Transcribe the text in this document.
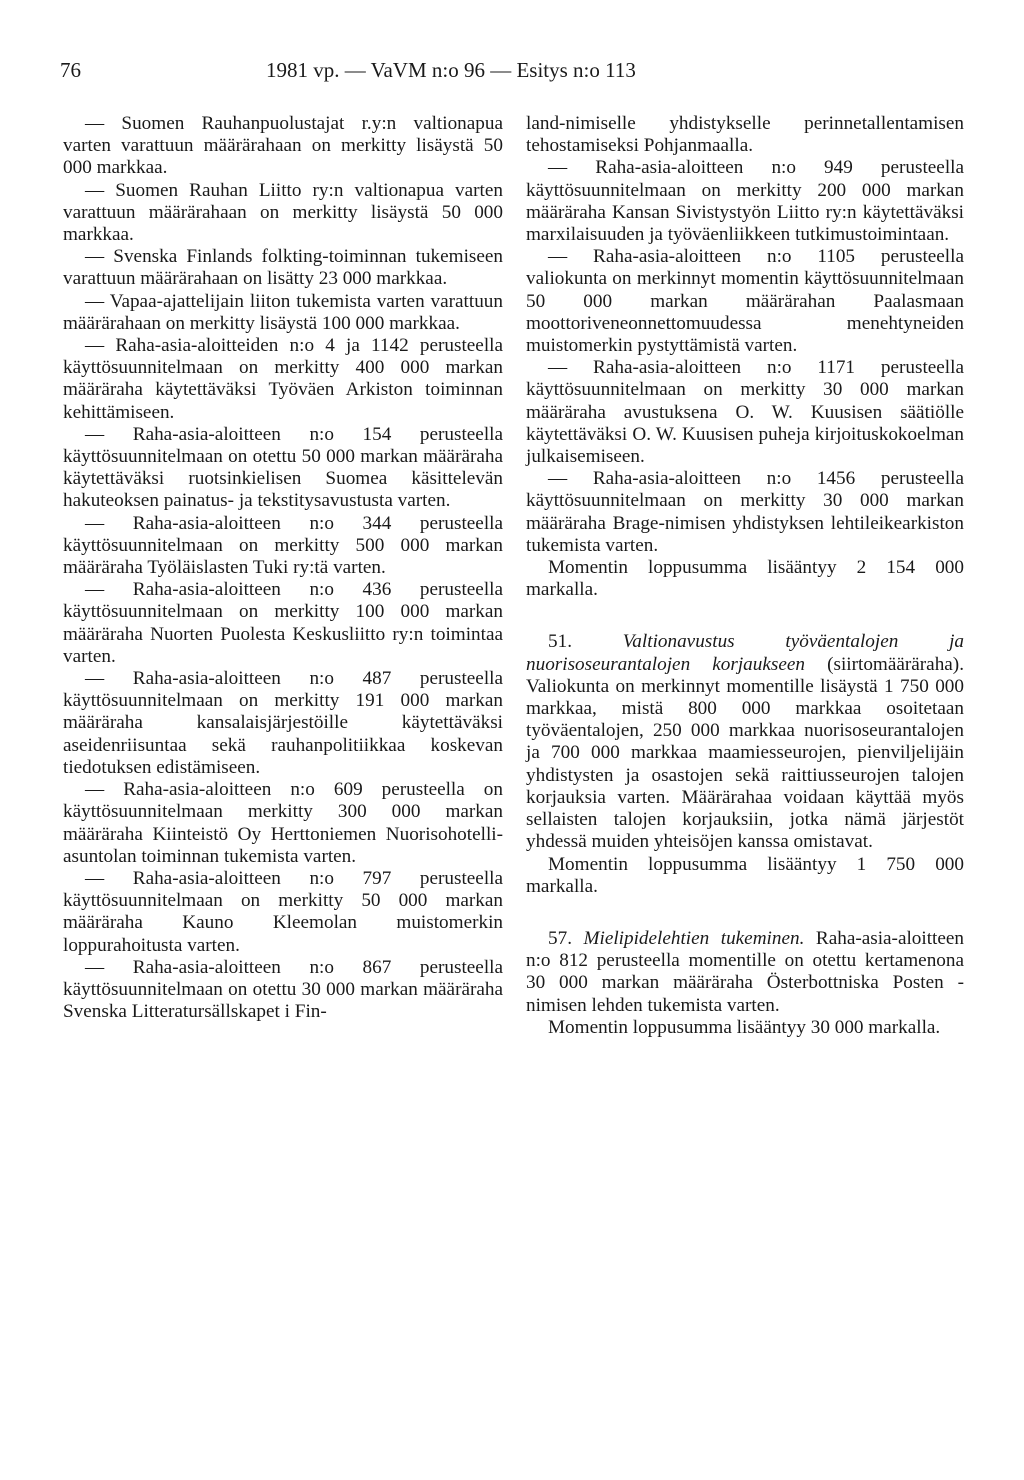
76	1981 vp. — VaVM n:o 96 — Esitys n:o 113

— Suomen Rauhanpuolustajat r.y:n valtionapua varten varattuun määrärahaan on merkitty lisäystä 50 000 markkaa.

— Suomen Rauhan Liitto ry:n valtionapua varten varattuun määrärahaan on merkitty lisäystä 50 000 markkaa.

— Svenska Finlands folkting-toiminnan tukemiseen varattuun määrärahaan on lisätty 23 000 markkaa.

— Vapaa-ajattelijain liiton tukemista varten varattuun määrärahaan on merkitty lisäystä 100 000 markkaa.

— Raha-asia-aloitteiden n:o 4 ja 1142 perusteella käyttösuunnitelmaan on merkitty 400 000 markan määräraha käytettäväksi Työväen Arkiston toiminnan kehittämiseen.

— Raha-asia-aloitteen n:o 154 perusteella käyttösuunnitelmaan on otettu 50 000 markan määräraha käytettäväksi ruotsinkielisen Suomea käsittelevän hakuteoksen painatus- ja tekstitysavustusta varten.

— Raha-asia-aloitteen n:o 344 perusteella käyttösuunnitelmaan on merkitty 500 000 markan määräraha Työläislasten Tuki ry:tä varten.

— Raha-asia-aloitteen n:o 436 perusteella käyttösuunnitelmaan on merkitty 100 000 markan määräraha Nuorten Puolesta Keskusliitto ry:n toimintaa varten.

— Raha-asia-aloitteen n:o 487 perusteella käyttösuunnitelmaan on merkitty 191 000 markan määräraha kansalaisjärjestöille käytettäväksi aseidenriisuntaa sekä rauhanpolitiikkaa koskevan tiedotuksen edistämiseen.

— Raha-asia-aloitteen n:o 609 perusteella on käyttösuunnitelmaan merkitty 300 000 markan määräraha Kiinteistö Oy Herttoniemen Nuorisohotelli-asuntolan toiminnan tukemista varten.

— Raha-asia-aloitteen n:o 797 perusteella käyttösuunnitelmaan on merkitty 50 000 markan määräraha Kauno Kleemolan muistomerkin loppurahoitusta varten.

— Raha-asia-aloitteen n:o 867 perusteella käyttösuunnitelmaan on otettu 30 000 markan määräraha Svenska Litteratursällskapet i Fin-

land-nimiselle yhdistykselle perinnetallentamisen tehostamiseksi Pohjanmaalla.

— Raha-asia-aloitteen n:o 949 perusteella käyttösuunnitelmaan on merkitty 200 000 markan määräraha Kansan Sivistystyön Liitto ry:n käytettäväksi marxilaisuuden ja työväenliikkeen tutkimustoimintaan.

— Raha-asia-aloitteen n:o 1105 perusteella valiokunta on merkinnyt momentin käyttösuunnitelmaan 50 000 markan määrärahan Paalasmaan moottoriveneonnettomuudessa menehtyneiden muistomerkin pystyttämistä varten.

— Raha-asia-aloitteen n:o 1171 perusteella käyttösuunnitelmaan on merkitty 30 000 markan määräraha avustuksena O. W. Kuusisen säätiölle käytettäväksi O. W. Kuusisen puheja kirjoituskokoelman julkaisemiseen.

— Raha-asia-aloitteen n:o 1456 perusteella käyttösuunnitelmaan on merkitty 30 000 markan määräraha Brage-nimisen yhdistyksen lehtileikearkiston tukemista varten.

Momentin loppusumma lisääntyy 2 154 000 markalla.

51.	Valtionavustus työväentalojen ja nuorisoseurantalojen korjaukseen (siirtomääräraha). Valiokunta on merkinnyt momentille lisäystä 1 750 000 markkaa, mistä 800 000 markkaa osoitetaan työväentalojen, 250 000 markkaa nuorisoseurantalojen ja 700 000 markkaa maamiesseurojen, pienviljelijäin yhdistysten ja osastojen sekä raittiusseurojen talojen korjauksia varten. Määrärahaa voidaan käyttää myös sellaisten talojen korjauksiin, jotka nämä järjestöt yhdessä muiden yhteisöjen kanssa omistavat.

Momentin loppusumma lisääntyy 1 750 000 markalla.

57. Mielipidelehtien tukeminen. Raha-asia-aloitteen n:o 812 perusteella momentille on otettu kertamenona 30 000 markan määräraha Österbottniska Posten -nimisen lehden tukemista varten.

Momentin loppusumma lisääntyy 30 000 markalla.
